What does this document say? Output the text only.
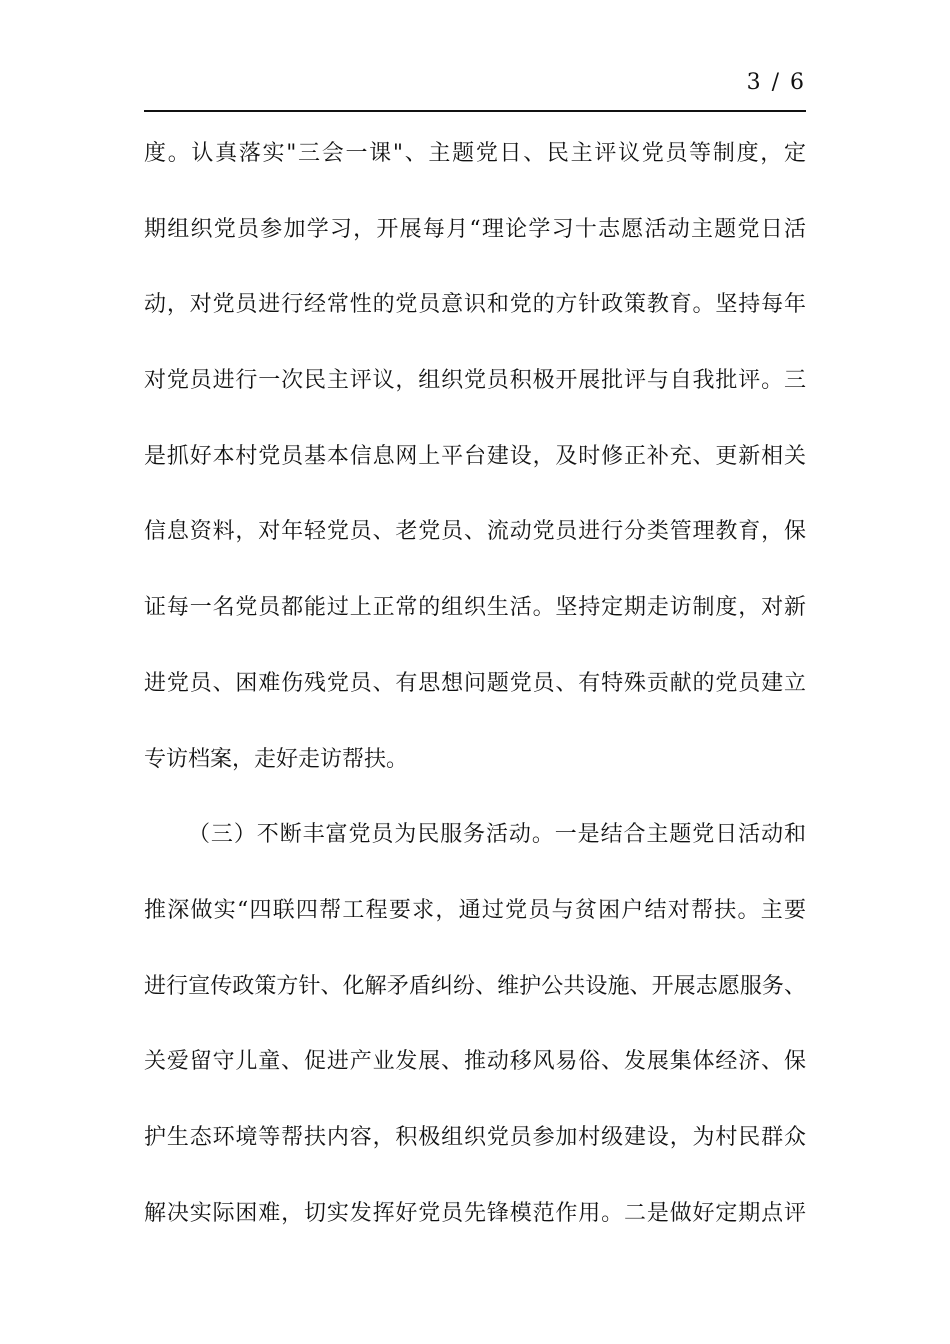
3 / 6
度。认真落实"三会一课"、主题党日、民主评议党员等制度，定
期组织党员参加学习，开展每月“理论学习十志愿活动主题党日活
动，对党员进行经常性的党员意识和党的方针政策教育。坚持每年
对党员进行一次民主评议，组织党员积极开展批评与自我批评。三
是抓好本村党员基本信息网上平台建设，及时修正补充、更新相关
信息资料，对年轻党员、老党员、流动党员进行分类管理教育，保
证每一名党员都能过上正常的组织生活。坚持定期走访制度，对新
进党员、困难伤残党员、有思想问题党员、有特殊贡献的党员建立
专访档案，走好走访帮扶。
（三）不断丰富党员为民服务活动。一是结合主题党日活动和
推深做实“四联四帮工程要求，通过党员与贫困户结对帮扶。主要
进行宣传政策方针、化解矛盾纠纷、维护公共设施、开展志愿服务、
关爱留守儿童、促进产业发展、推动移风易俗、发展集体经济、保
护生态环境等帮扶内容，积极组织党员参加村级建设，为村民群众
解决实际困难，切实发挥好党员先锋模范作用。二是做好定期点评
